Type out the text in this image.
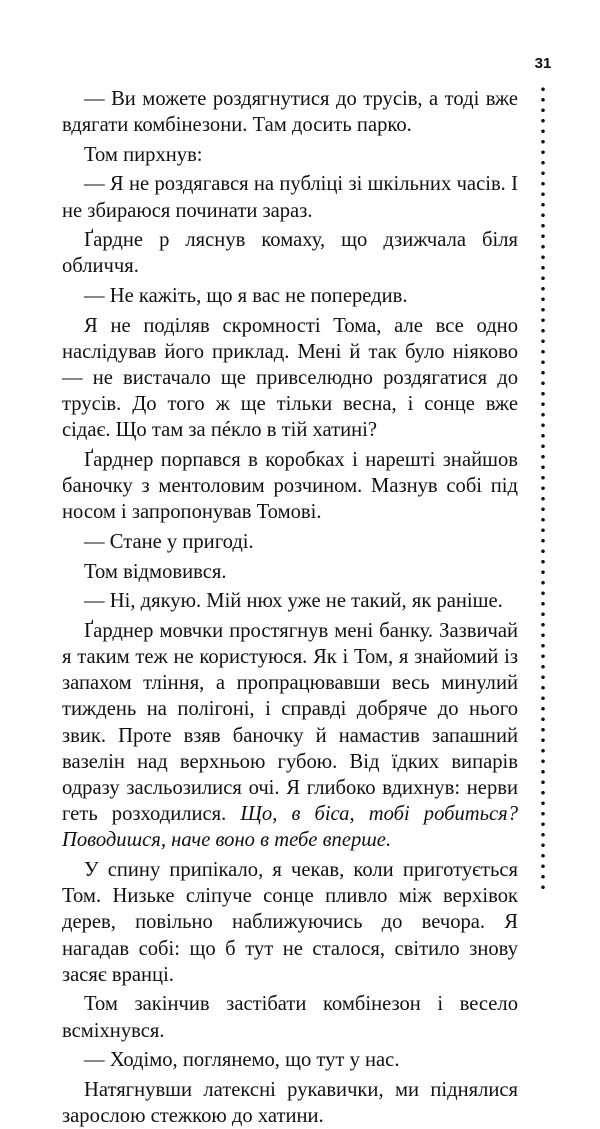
31

— Ви можете роздягнутися до трусів, а тоді вже вдягати комбінезони. Там досить парко.

Том пирхнув:

— Я не роздягався на публіці зі шкільних часів. І не збираюся починати зараз.

Ґардне р ляснув комаху, що дзижчала біля обличчя.

— Не кажіть, що я вас не попередив.

Я не поділяв скромності Тома, але все одно наслідував його приклад. Мені й так було ніяково — не вистачало ще привселюдно роздягатися до трусів. До того ж ще тільки весна, і сонце вже сідає. Що там за пéкло в тій хатині?

Ґарднер порпався в коробках і нарешті знайшов баночку з ментоловим розчином. Мазнув собі під носом і запропонував Томові.

— Стане у пригоді.

Том відмовився.

— Ні, дякую. Мій нюх уже не такий, як раніше.

Ґарднер мовчки простягнув мені банку. Зазвичай я таким теж не користуюся. Як і Том, я знайомий із запахом тління, а пропрацювавши весь минулий тиждень на полігоні, і справді добряче до нього звик. Проте взяв баночку й намастив запашний вазелін над верхньою губою. Від їдких випарів одразу засльозилися очі. Я глибоко вдихнув: нерви геть розходилися. Що, в біса, тобі робиться? Поводишся, наче воно в тебе вперше.

У спину припікало, я чекав, коли приготується Том. Низьке сліпуче сонце пливло між верхівок дерев, повільно наближуючись до вечора. Я нагадав собі: що б тут не сталося, світило знову засяє вранці.

Том закінчив застібати комбінезон і весело всміхнувся.

— Ходімо, поглянемо, що тут у нас.

Натягнувши латексні рукавички, ми піднялися зарослою стежкою до хатини.
